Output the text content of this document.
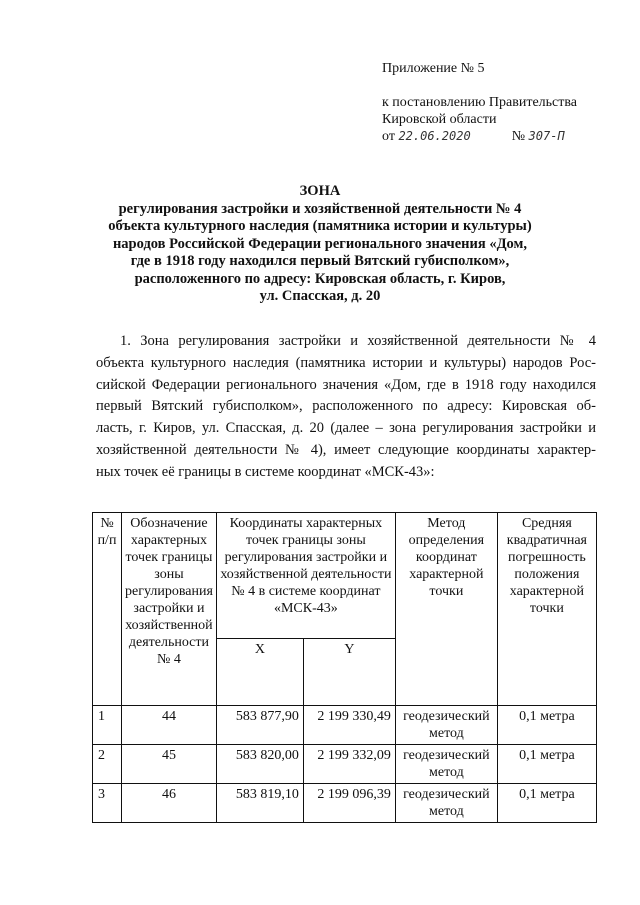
Приложение № 5
к постановлению Правительства
Кировской области
от 22.06.2020	№ 307-П
ЗОНА
регулирования застройки и хозяйственной деятельности № 4
объекта культурного наследия (памятника истории и культуры)
народов Российской Федерации регионального значения «Дом,
где в 1918 году находился первый Вятский губисполком»,
расположенного по адресу: Кировская область, г. Киров,
ул. Спасская, д. 20
1. Зона регулирования застройки и хозяйственной деятельности № 4
объекта культурного наследия (памятника истории и культуры) народов Рос-
сийской Федерации регионального значения «Дом, где в 1918 году находился
первый Вятский губисполком», расположенного по адресу: Кировская об-
ласть, г. Киров, ул. Спасская, д. 20 (далее – зона регулирования застройки и
хозяйственной деятельности № 4), имеет следующие координаты характер-
ных точек её границы в системе координат «МСК-43»:
№ п/п	Обозначение характерных точек границы зоны регулирования застройки и хозяйственной деятельности № 4	Координаты характерных точек границы зоны регулирования застройки и хозяйственной деятельности № 4 в системе координат «МСК-43»		Метод определения координат характерной точки	Средняя квадратичная погрешность положения характерной точки
		X	Y		
1	44	583 877,90	2 199 330,49	геодезический метод	0,1 метра
2	45	583 820,00	2 199 332,09	геодезический метод	0,1 метра
3	46	583 819,10	2 199 096,39	геодезический метод	0,1 метра
